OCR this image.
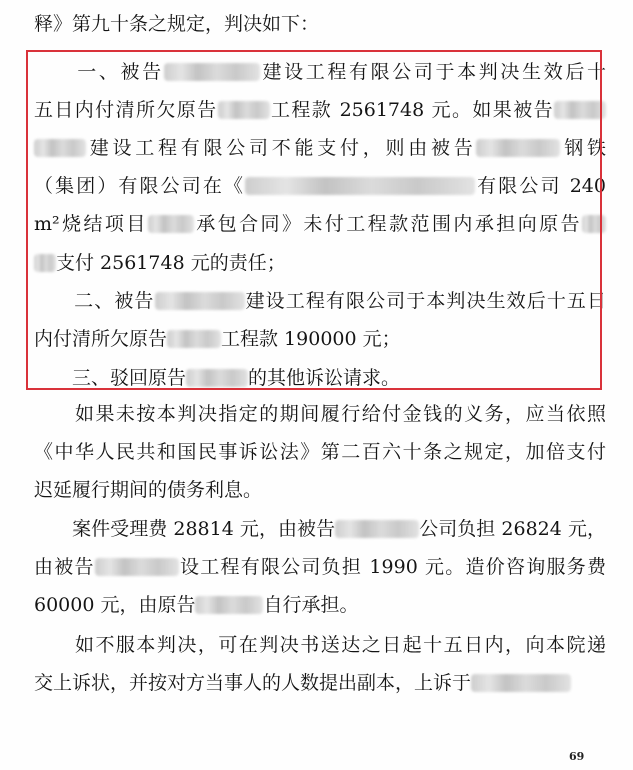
释》第九十条之规定，判决如下：
　　一、被告	建设工程有限公司于本判决生效后十
五日内付清所欠原告	工程款 2561748 元。如果被告
建设工程有限公司不能支付，则由被告	钢铁
（集团）有限公司在《	有限公司 240
m²烧结项目 承包合同》未付工程款范围内承担向原告
支付 2561748 元的责任；
　　二、被告	建设工程有限公司于本判决生效后十五日
内付清所欠原告	工程款 190000 元；
　　三、驳回原告	的其他诉讼请求。
　　如果未按本判决指定的期间履行给付金钱的义务，应当依照
《中华人民共和国民事诉讼法》第二百六十条之规定，加倍支付
迟延履行期间的债务利息。
　　案件受理费 28814 元，由被告	公司负担 26824 元，
由被告	设工程有限公司负担 1990 元。造价咨询服务费
60000 元，由原告	自行承担。
　　如不服本判决，可在判决书送达之日起十五日内，向本院递
交上诉状，并按对方当事人的人数提出副本，上诉于
69
